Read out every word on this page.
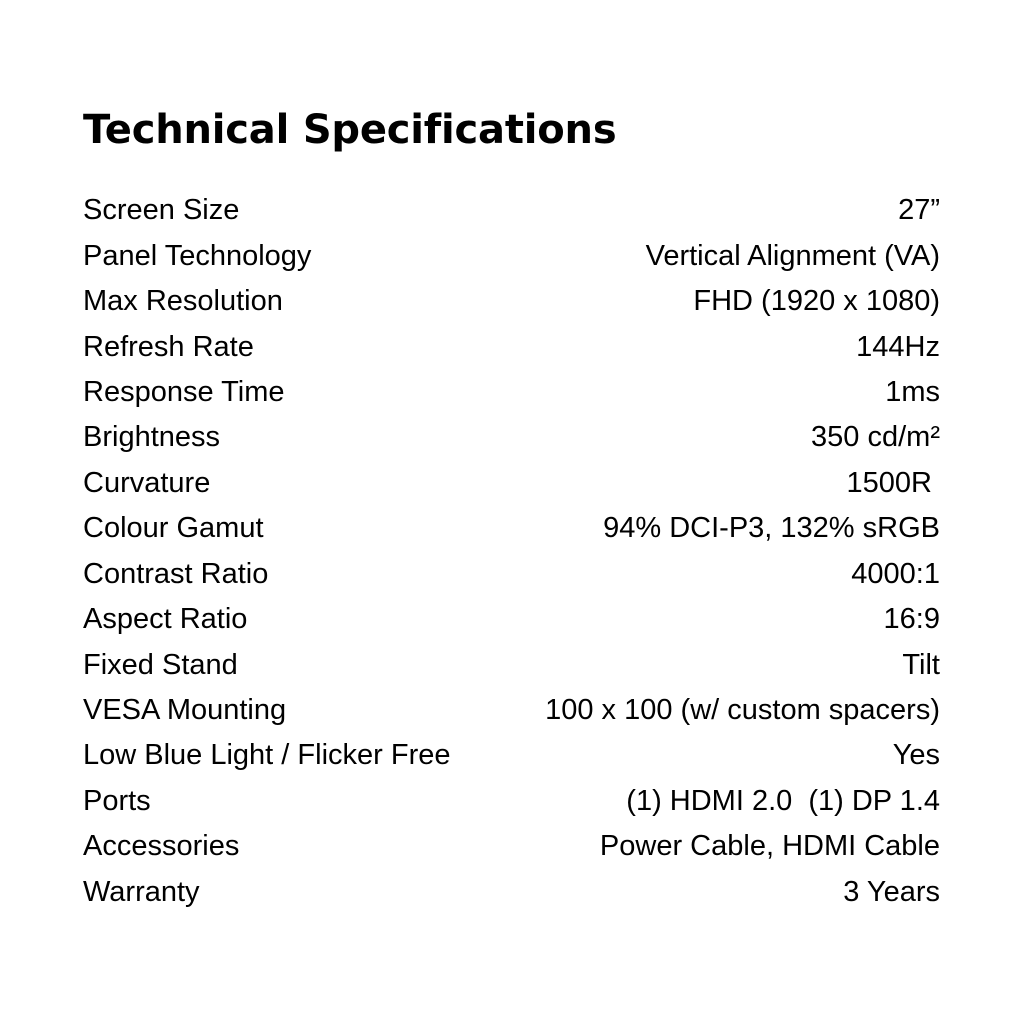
Technical Specifications
Screen Size	27”
Panel Technology	Vertical Alignment (VA)
Max Resolution	FHD (1920 x 1080)
Refresh Rate	144Hz
Response Time	1ms
Brightness	350 cd/m²
Curvature	1500R
Colour Gamut	94% DCI-P3, 132% sRGB
Contrast Ratio	4000:1
Aspect Ratio	16:9
Fixed Stand	Tilt
VESA Mounting	100 x 100 (w/ custom spacers)
Low Blue Light / Flicker Free	Yes
Ports	(1) HDMI 2.0  (1) DP 1.4
Accessories	Power Cable, HDMI Cable
Warranty	3 Years
